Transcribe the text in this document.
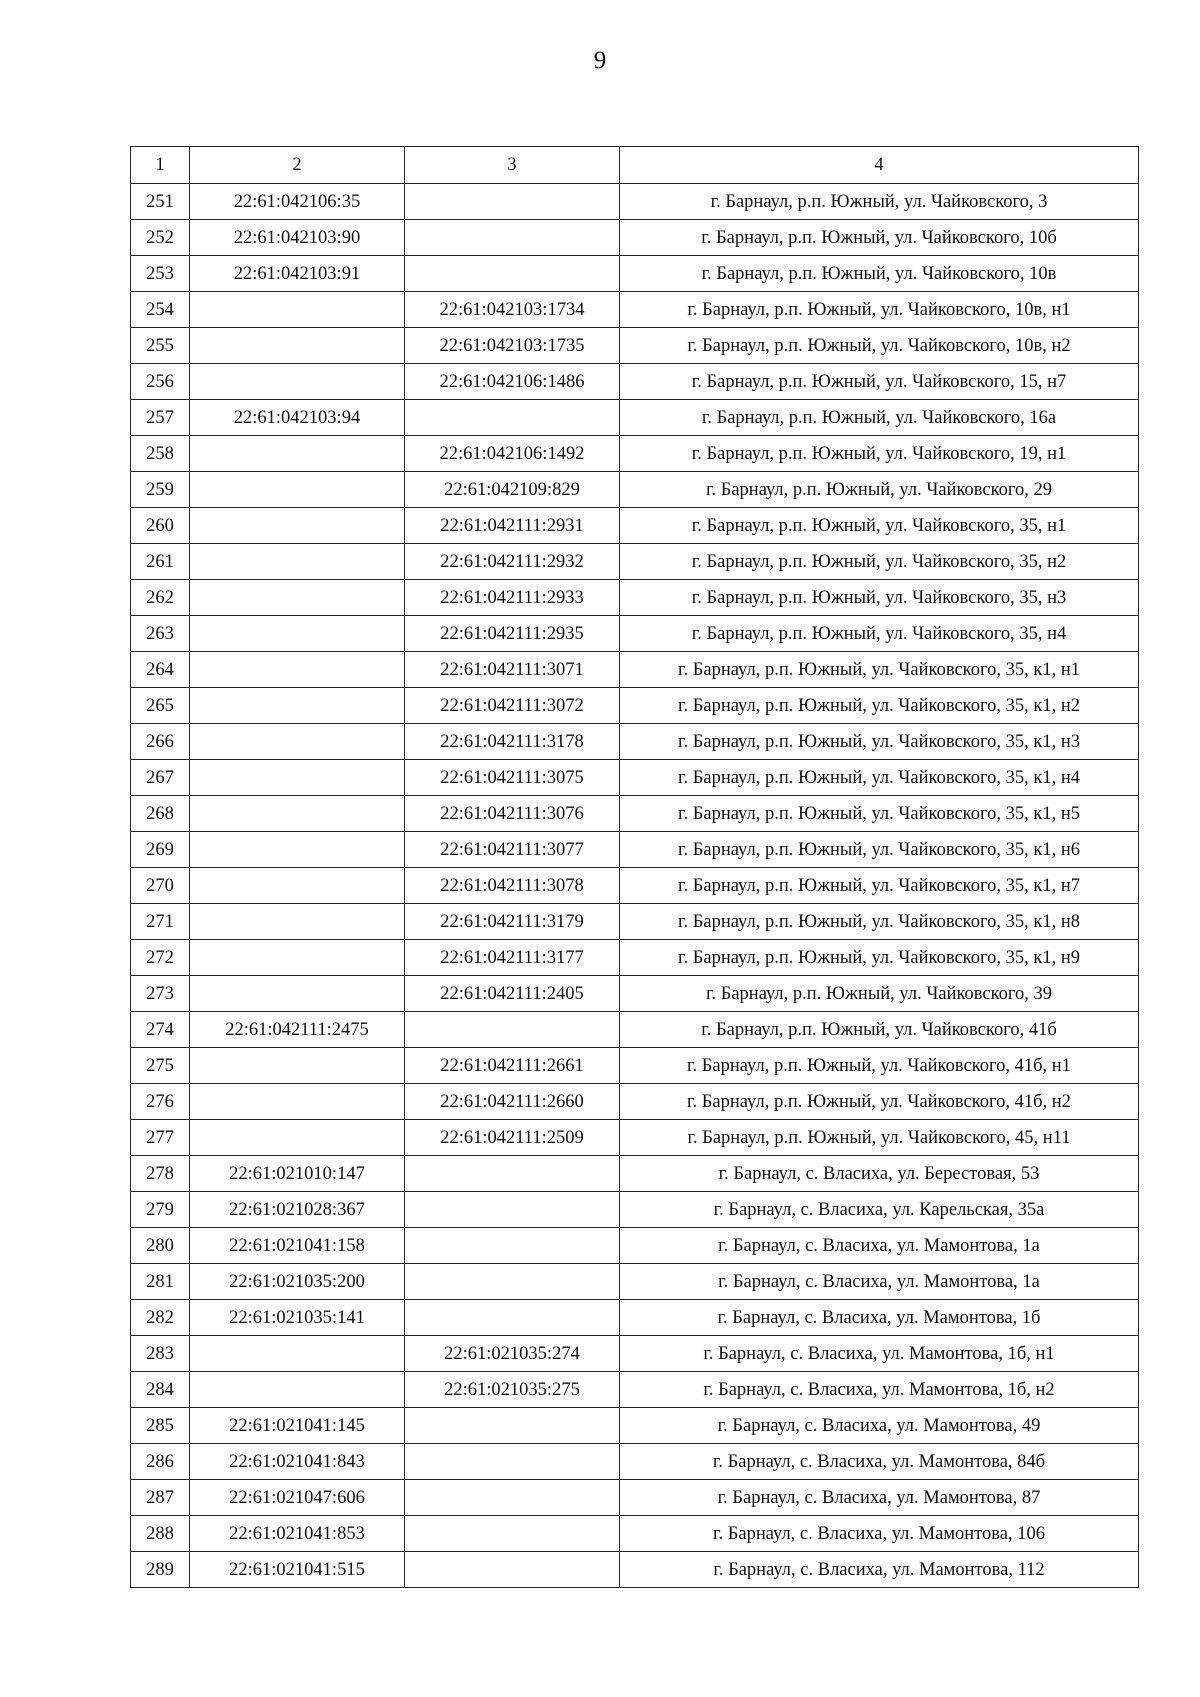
9
1	2	3	4
251	22:61:042106:35		г. Барнаул, р.п. Южный, ул. Чайковского, 3
252	22:61:042103:90		г. Барнаул, р.п. Южный, ул. Чайковского, 10б
253	22:61:042103:91		г. Барнаул, р.п. Южный, ул. Чайковского, 10в
254		22:61:042103:1734	г. Барнаул, р.п. Южный, ул. Чайковского, 10в, н1
255		22:61:042103:1735	г. Барнаул, р.п. Южный, ул. Чайковского, 10в, н2
256		22:61:042106:1486	г. Барнаул, р.п. Южный, ул. Чайковского, 15, н7
257	22:61:042103:94		г. Барнаул, р.п. Южный, ул. Чайковского, 16а
258		22:61:042106:1492	г. Барнаул, р.п. Южный, ул. Чайковского, 19, н1
259		22:61:042109:829	г. Барнаул, р.п. Южный, ул. Чайковского, 29
260		22:61:042111:2931	г. Барнаул, р.п. Южный, ул. Чайковского, 35, н1
261		22:61:042111:2932	г. Барнаул, р.п. Южный, ул. Чайковского, 35, н2
262		22:61:042111:2933	г. Барнаул, р.п. Южный, ул. Чайковского, 35, н3
263		22:61:042111:2935	г. Барнаул, р.п. Южный, ул. Чайковского, 35, н4
264		22:61:042111:3071	г. Барнаул, р.п. Южный, ул. Чайковского, 35, к1, н1
265		22:61:042111:3072	г. Барнаул, р.п. Южный, ул. Чайковского, 35, к1, н2
266		22:61:042111:3178	г. Барнаул, р.п. Южный, ул. Чайковского, 35, к1, н3
267		22:61:042111:3075	г. Барнаул, р.п. Южный, ул. Чайковского, 35, к1, н4
268		22:61:042111:3076	г. Барнаул, р.п. Южный, ул. Чайковского, 35, к1, н5
269		22:61:042111:3077	г. Барнаул, р.п. Южный, ул. Чайковского, 35, к1, н6
270		22:61:042111:3078	г. Барнаул, р.п. Южный, ул. Чайковского, 35, к1, н7
271		22:61:042111:3179	г. Барнаул, р.п. Южный, ул. Чайковского, 35, к1, н8
272		22:61:042111:3177	г. Барнаул, р.п. Южный, ул. Чайковского, 35, к1, н9
273		22:61:042111:2405	г. Барнаул, р.п. Южный, ул. Чайковского, 39
274	22:61:042111:2475		г. Барнаул, р.п. Южный, ул. Чайковского, 41б
275		22:61:042111:2661	г. Барнаул, р.п. Южный, ул. Чайковского, 41б, н1
276		22:61:042111:2660	г. Барнаул, р.п. Южный, ул. Чайковского, 41б, н2
277		22:61:042111:2509	г. Барнаул, р.п. Южный, ул. Чайковского, 45, н11
278	22:61:021010:147		г. Барнаул, с. Власиха, ул. Берестовая, 53
279	22:61:021028:367		г. Барнаул, с. Власиха, ул. Карельская, 35а
280	22:61:021041:158		г. Барнаул, с. Власиха, ул. Мамонтова, 1а
281	22:61:021035:200		г. Барнаул, с. Власиха, ул. Мамонтова, 1а
282	22:61:021035:141		г. Барнаул, с. Власиха, ул. Мамонтова, 1б
283		22:61:021035:274	г. Барнаул, с. Власиха, ул. Мамонтова, 1б, н1
284		22:61:021035:275	г. Барнаул, с. Власиха, ул. Мамонтова, 1б, н2
285	22:61:021041:145		г. Барнаул, с. Власиха, ул. Мамонтова, 49
286	22:61:021041:843		г. Барнаул, с. Власиха, ул. Мамонтова, 84б
287	22:61:021047:606		г. Барнаул, с. Власиха, ул. Мамонтова, 87
288	22:61:021041:853		г. Барнаул, с. Власиха, ул. Мамонтова, 106
289	22:61:021041:515		г. Барнаул, с. Власиха, ул. Мамонтова, 112
